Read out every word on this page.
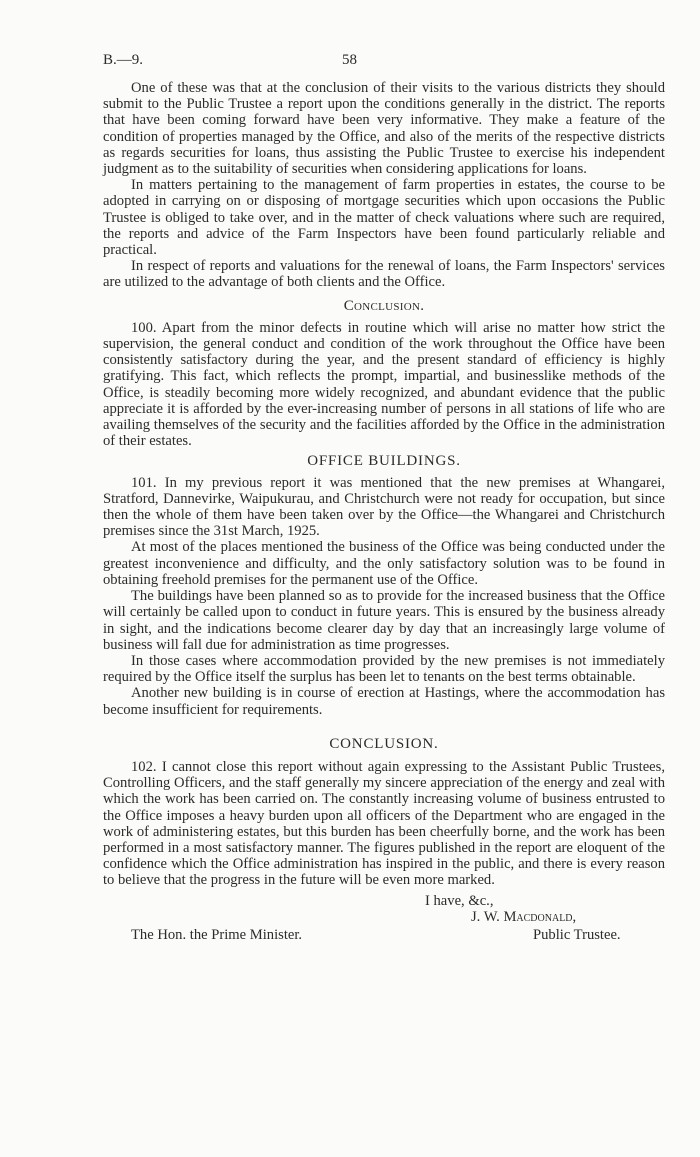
B.—9.	58

One of these was that at the conclusion of their visits to the various districts they should submit to the Public Trustee a report upon the conditions generally in the district. The reports that have been coming forward have been very informative. They make a feature of the condition of properties managed by the Office, and also of the merits of the respective districts as regards securities for loans, thus assisting the Public Trustee to exercise his independent judgment as to the suitability of securities when considering applications for loans.

In matters pertaining to the management of farm properties in estates, the course to be adopted in carrying on or disposing of mortgage securities which upon occasions the Public Trustee is obliged to take over, and in the matter of check valuations where such are required, the reports and advice of the Farm Inspectors have been found particularly reliable and practical.

In respect of reports and valuations for the renewal of loans, the Farm Inspectors' services are utilized to the advantage of both clients and the Office.

Conclusion.

100. Apart from the minor defects in routine which will arise no matter how strict the supervision, the general conduct and condition of the work throughout the Office have been consistently satisfactory during the year, and the present standard of efficiency is highly gratifying. This fact, which reflects the prompt, impartial, and businesslike methods of the Office, is steadily becoming more widely recognized, and abundant evidence that the public appreciate it is afforded by the ever-increasing number of persons in all stations of life who are availing themselves of the security and the facilities afforded by the Office in the administration of their estates.

OFFICE BUILDINGS.

101. In my previous report it was mentioned that the new premises at Whangarei, Stratford, Dannevirke, Waipukurau, and Christchurch were not ready for occupation, but since then the whole of them have been taken over by the Office—the Whangarei and Christchurch premises since the 31st March, 1925.

At most of the places mentioned the business of the Office was being conducted under the greatest inconvenience and difficulty, and the only satisfactory solution was to be found in obtaining freehold premises for the permanent use of the Office.

The buildings have been planned so as to provide for the increased business that the Office will certainly be called upon to conduct in future years. This is ensured by the business already in sight, and the indications become clearer day by day that an increasingly large volume of business will fall due for administration as time progresses.

In those cases where accommodation provided by the new premises is not immediately required by the Office itself the surplus has been let to tenants on the best terms obtainable.

Another new building is in course of erection at Hastings, where the accommodation has become insufficient for requirements.

CONCLUSION.

102. I cannot close this report without again expressing to the Assistant Public Trustees, Controlling Officers, and the staff generally my sincere appreciation of the energy and zeal with which the work has been carried on. The constantly increasing volume of business entrusted to the Office imposes a heavy burden upon all officers of the Department who are engaged in the work of administering estates, but this burden has been cheerfully borne, and the work has been performed in a most satisfactory manner. The figures published in the report are eloquent of the confidence which the Office administration has inspired in the public, and there is every reason to believe that the progress in the future will be even more marked.

I have, &c.,
J. W. Macdonald,
The Hon. the Prime Minister.	Public Trustee.
